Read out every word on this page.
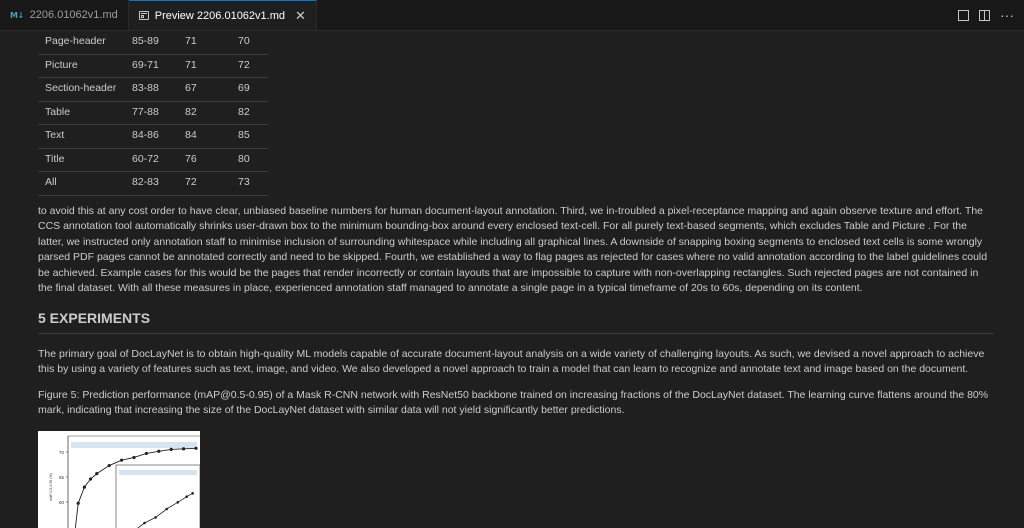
M↓ 2206.01062v1.md	Preview 2206.01062v1.md ✕	···
Page-header	85-89	71	70
Picture	69-71	71	72
Section-header	83-88	67	69
Table	77-88	82	82
Text	84-86	84	85
Title	60-72	76	80
All	82-83	72	73

to avoid this at any cost order to have clear, unbiased baseline numbers for human document-layout annotation. Third, we in-troubled a pixel-receptance mapping and again observe texture and effort. The CCS annotation tool automatically shrinks user-drawn box to the minimum bounding-box around every enclosed text-cell. For all purely text-based segments, which excludes Table and Picture . For the latter, we instructed only annotation staff to minimise inclusion of surrounding whitespace while including all graphical lines. A downside of snapping boxing segments to enclosed text cells is some wrongly parsed PDF pages cannot be annotated correctly and need to be skipped. Fourth, we established a way to flag pages as rejected for cases where no valid annotation according to the label guidelines could be achieved. Example cases for this would be the pages that render incorrectly or contain layouts that are impossible to capture with non-overlapping rectangles. Such rejected pages are not contained in the final dataset. With all these measures in place, experienced annotation staff managed to annotate a single page in a typical timeframe of 20s to 60s, depending on its content.

5 EXPERIMENTS

The primary goal of DocLayNet is to obtain high-quality ML models capable of accurate document-layout analysis on a wide variety of challenging layouts. As such, we devised a novel approach to achieve this by using a variety of features such as text, image, and video. We also developed a novel approach to train a model that can learn to recognize and annotate text and image based on the document.

Figure 5: Prediction performance (mAP@0.5-0.95) of a Mask R-CNN network with ResNet50 backbone trained on increasing fractions of the DocLayNet dataset. The learning curve flattens around the 80% mark, indicating that increasing the size of the DocLayNet dataset with similar data will not yield significantly better predictions.

70
65
60
mAP 0.5-0.95 (%)
